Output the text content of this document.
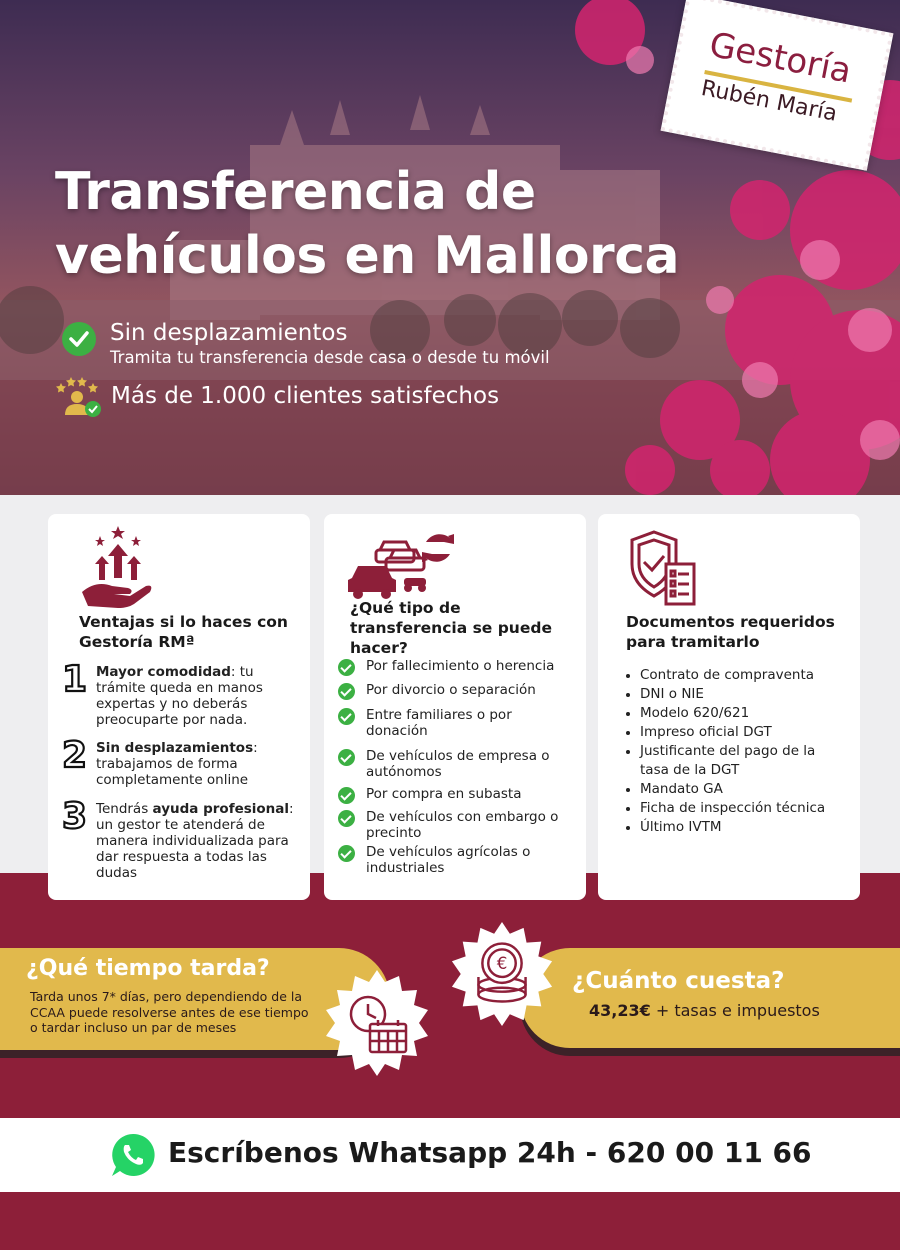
Transferencia de
vehículos en Mallorca
Sin desplazamientos
Tramita tu transferencia desde casa o desde tu móvil
Más de 1.000 clientes satisfechos
Gestoría
Rubén María
Ventajas si lo haces con Gestoría RMª
1 Mayor comodidad: tu trámite queda en manos expertas y no deberás preocuparte por nada.
2 Sin desplazamientos: trabajamos de forma completamente online
3 Tendrás ayuda profesional: un gestor te atenderá de manera individualizada para dar respuesta a todas las dudas
¿Qué tipo de transferencia se puede hacer?
Por fallecimiento o herencia
Por divorcio o separación
Entre familiares o por donación
De vehículos de empresa o autónomos
Por compra en subasta
De vehículos con embargo o precinto
De vehículos agrícolas o industriales
Documentos requeridos para tramitarlo
Contrato de compraventa
DNI o NIE
Modelo 620/621
Impreso oficial DGT
Justificante del pago de la tasa de la DGT
Mandato GA
Ficha de inspección técnica
Último IVTM
¿Qué tiempo tarda?
Tarda unos 7* días, pero dependiendo de la CCAA puede resolverse antes de ese tiempo o tardar incluso un par de meses
¿Cuánto cuesta?
43,23€ + tasas e impuestos
€
Escríbenos Whatsapp 24h - 620 00 11 66
